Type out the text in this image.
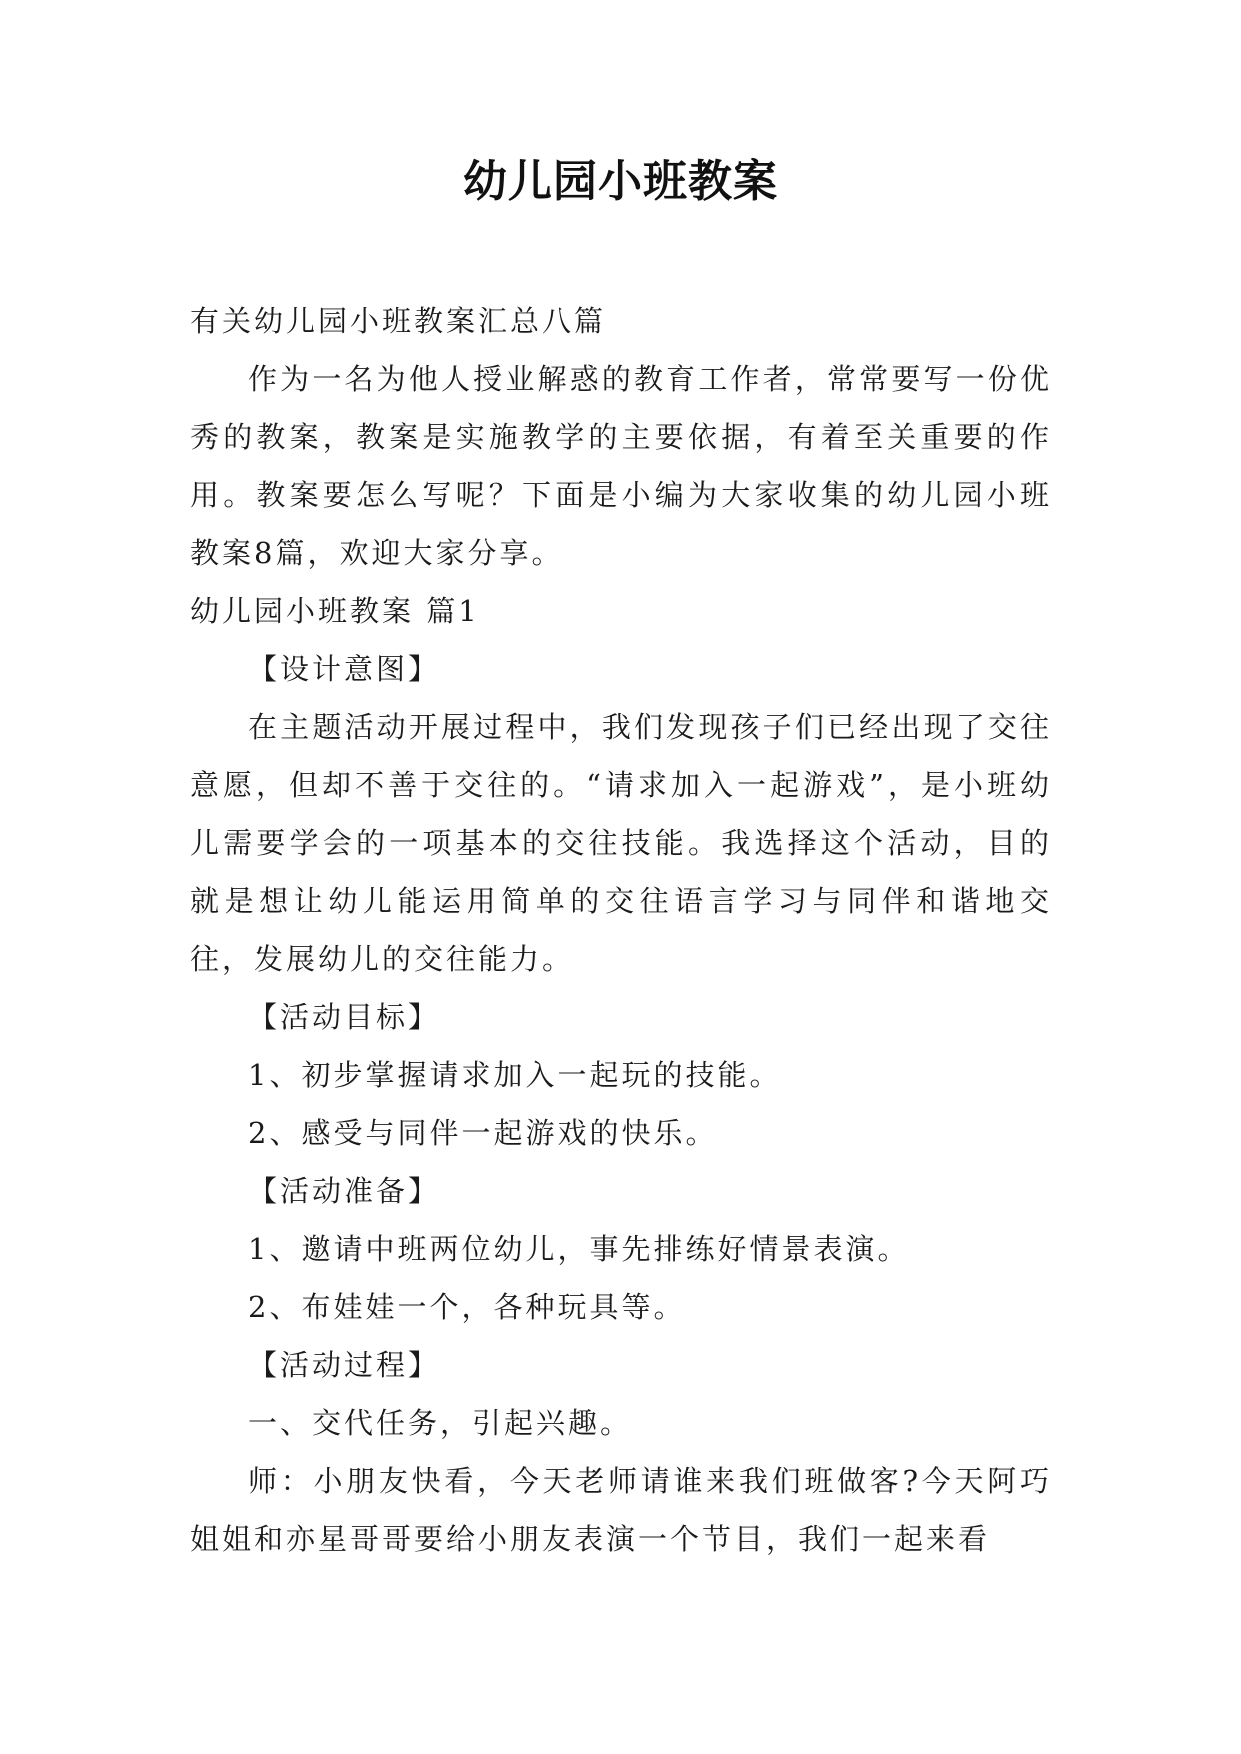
幼儿园小班教案

有关幼儿园小班教案汇总八篇

作为一名为他人授业解惑的教育工作者，常常要写一份优秀的教案，教案是实施教学的主要依据，有着至关重要的作用。教案要怎么写呢？下面是小编为大家收集的幼儿园小班教案8篇，欢迎大家分享。

幼儿园小班教案 篇1

【设计意图】

在主题活动开展过程中，我们发现孩子们已经出现了交往意愿，但却不善于交往的。“请求加入一起游戏”，是小班幼儿需要学会的一项基本的交往技能。我选择这个活动，目的就是想让幼儿能运用简单的交往语言学习与同伴和谐地交往，发展幼儿的交往能力。

【活动目标】

1、初步掌握请求加入一起玩的技能。

2、感受与同伴一起游戏的快乐。

【活动准备】

1、邀请中班两位幼儿，事先排练好情景表演。

2、布娃娃一个，各种玩具等。

【活动过程】

一、交代任务，引起兴趣。

师：小朋友快看，今天老师请谁来我们班做客?今天阿巧姐姐和亦星哥哥要给小朋友表演一个节目，我们一起来看
